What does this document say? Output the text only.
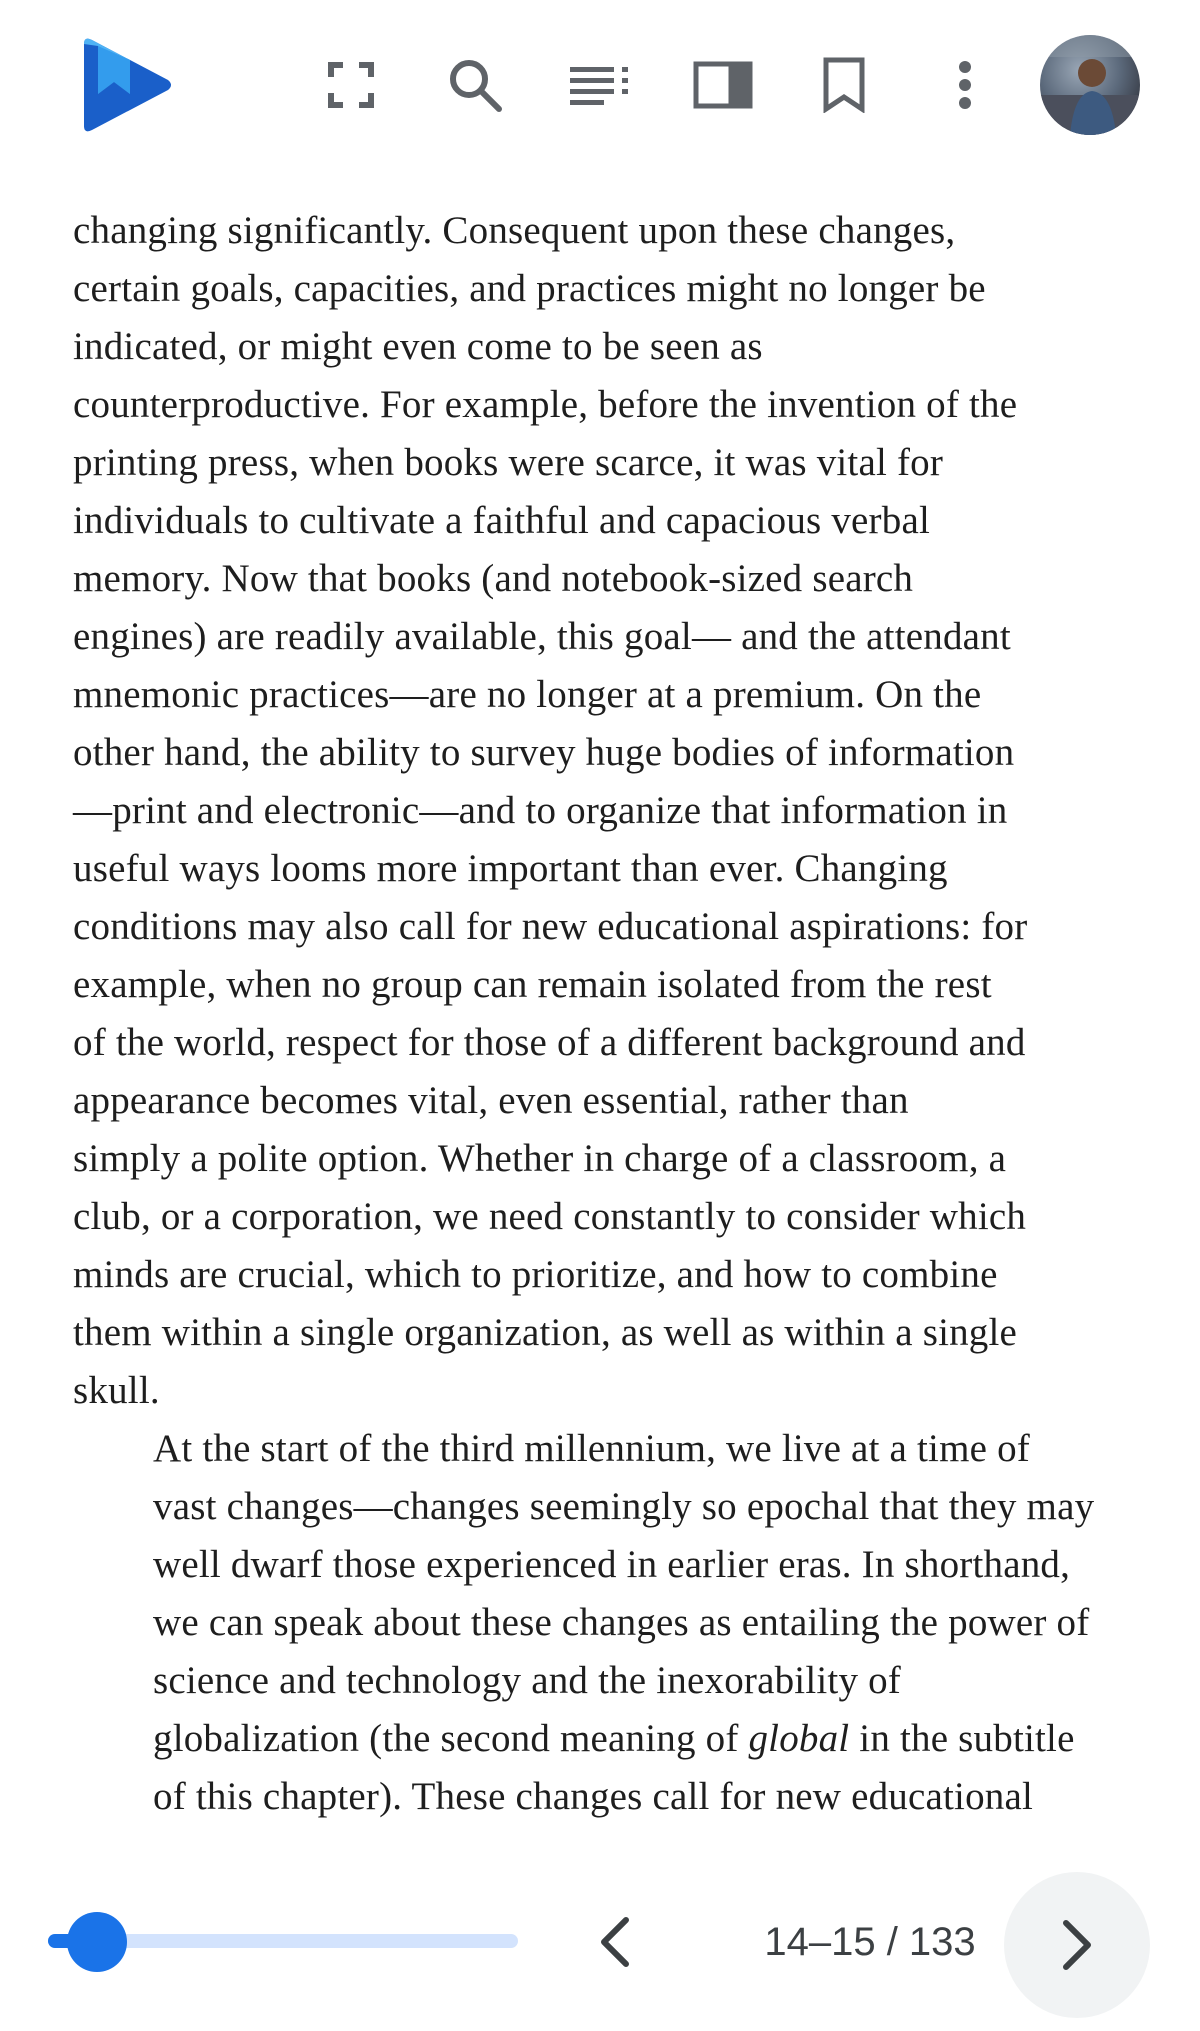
changing significantly. Consequent upon these changes,
certain goals, capacities, and practices might no longer be
indicated, or might even come to be seen as
counterproductive. For example, before the invention of the
printing press, when books were scarce, it was vital for
individuals to cultivate a faithful and capacious verbal
memory. Now that books (and notebook-sized search
engines) are readily available, this goal— and the attendant
mnemonic practices—are no longer at a premium. On the
other hand, the ability to survey huge bodies of information
—print and electronic—and to organize that information in
useful ways looms more important than ever. Changing
conditions may also call for new educational aspirations: for
example, when no group can remain isolated from the rest
of the world, respect for those of a different background and
appearance becomes vital, even essential, rather than
simply a polite option. Whether in charge of a classroom, a
club, or a corporation, we need constantly to consider which
minds are crucial, which to prioritize, and how to combine
them within a single organization, as well as within a single
skull.

At the start of the third millennium, we live at a time of
vast changes—changes seemingly so epochal that they may
well dwarf those experienced in earlier eras. In shorthand,
we can speak about these changes as entailing the power of
science and technology and the inexorability of
globalization (the second meaning of global in the subtitle
of this chapter). These changes call for new educational

14–15 / 133
